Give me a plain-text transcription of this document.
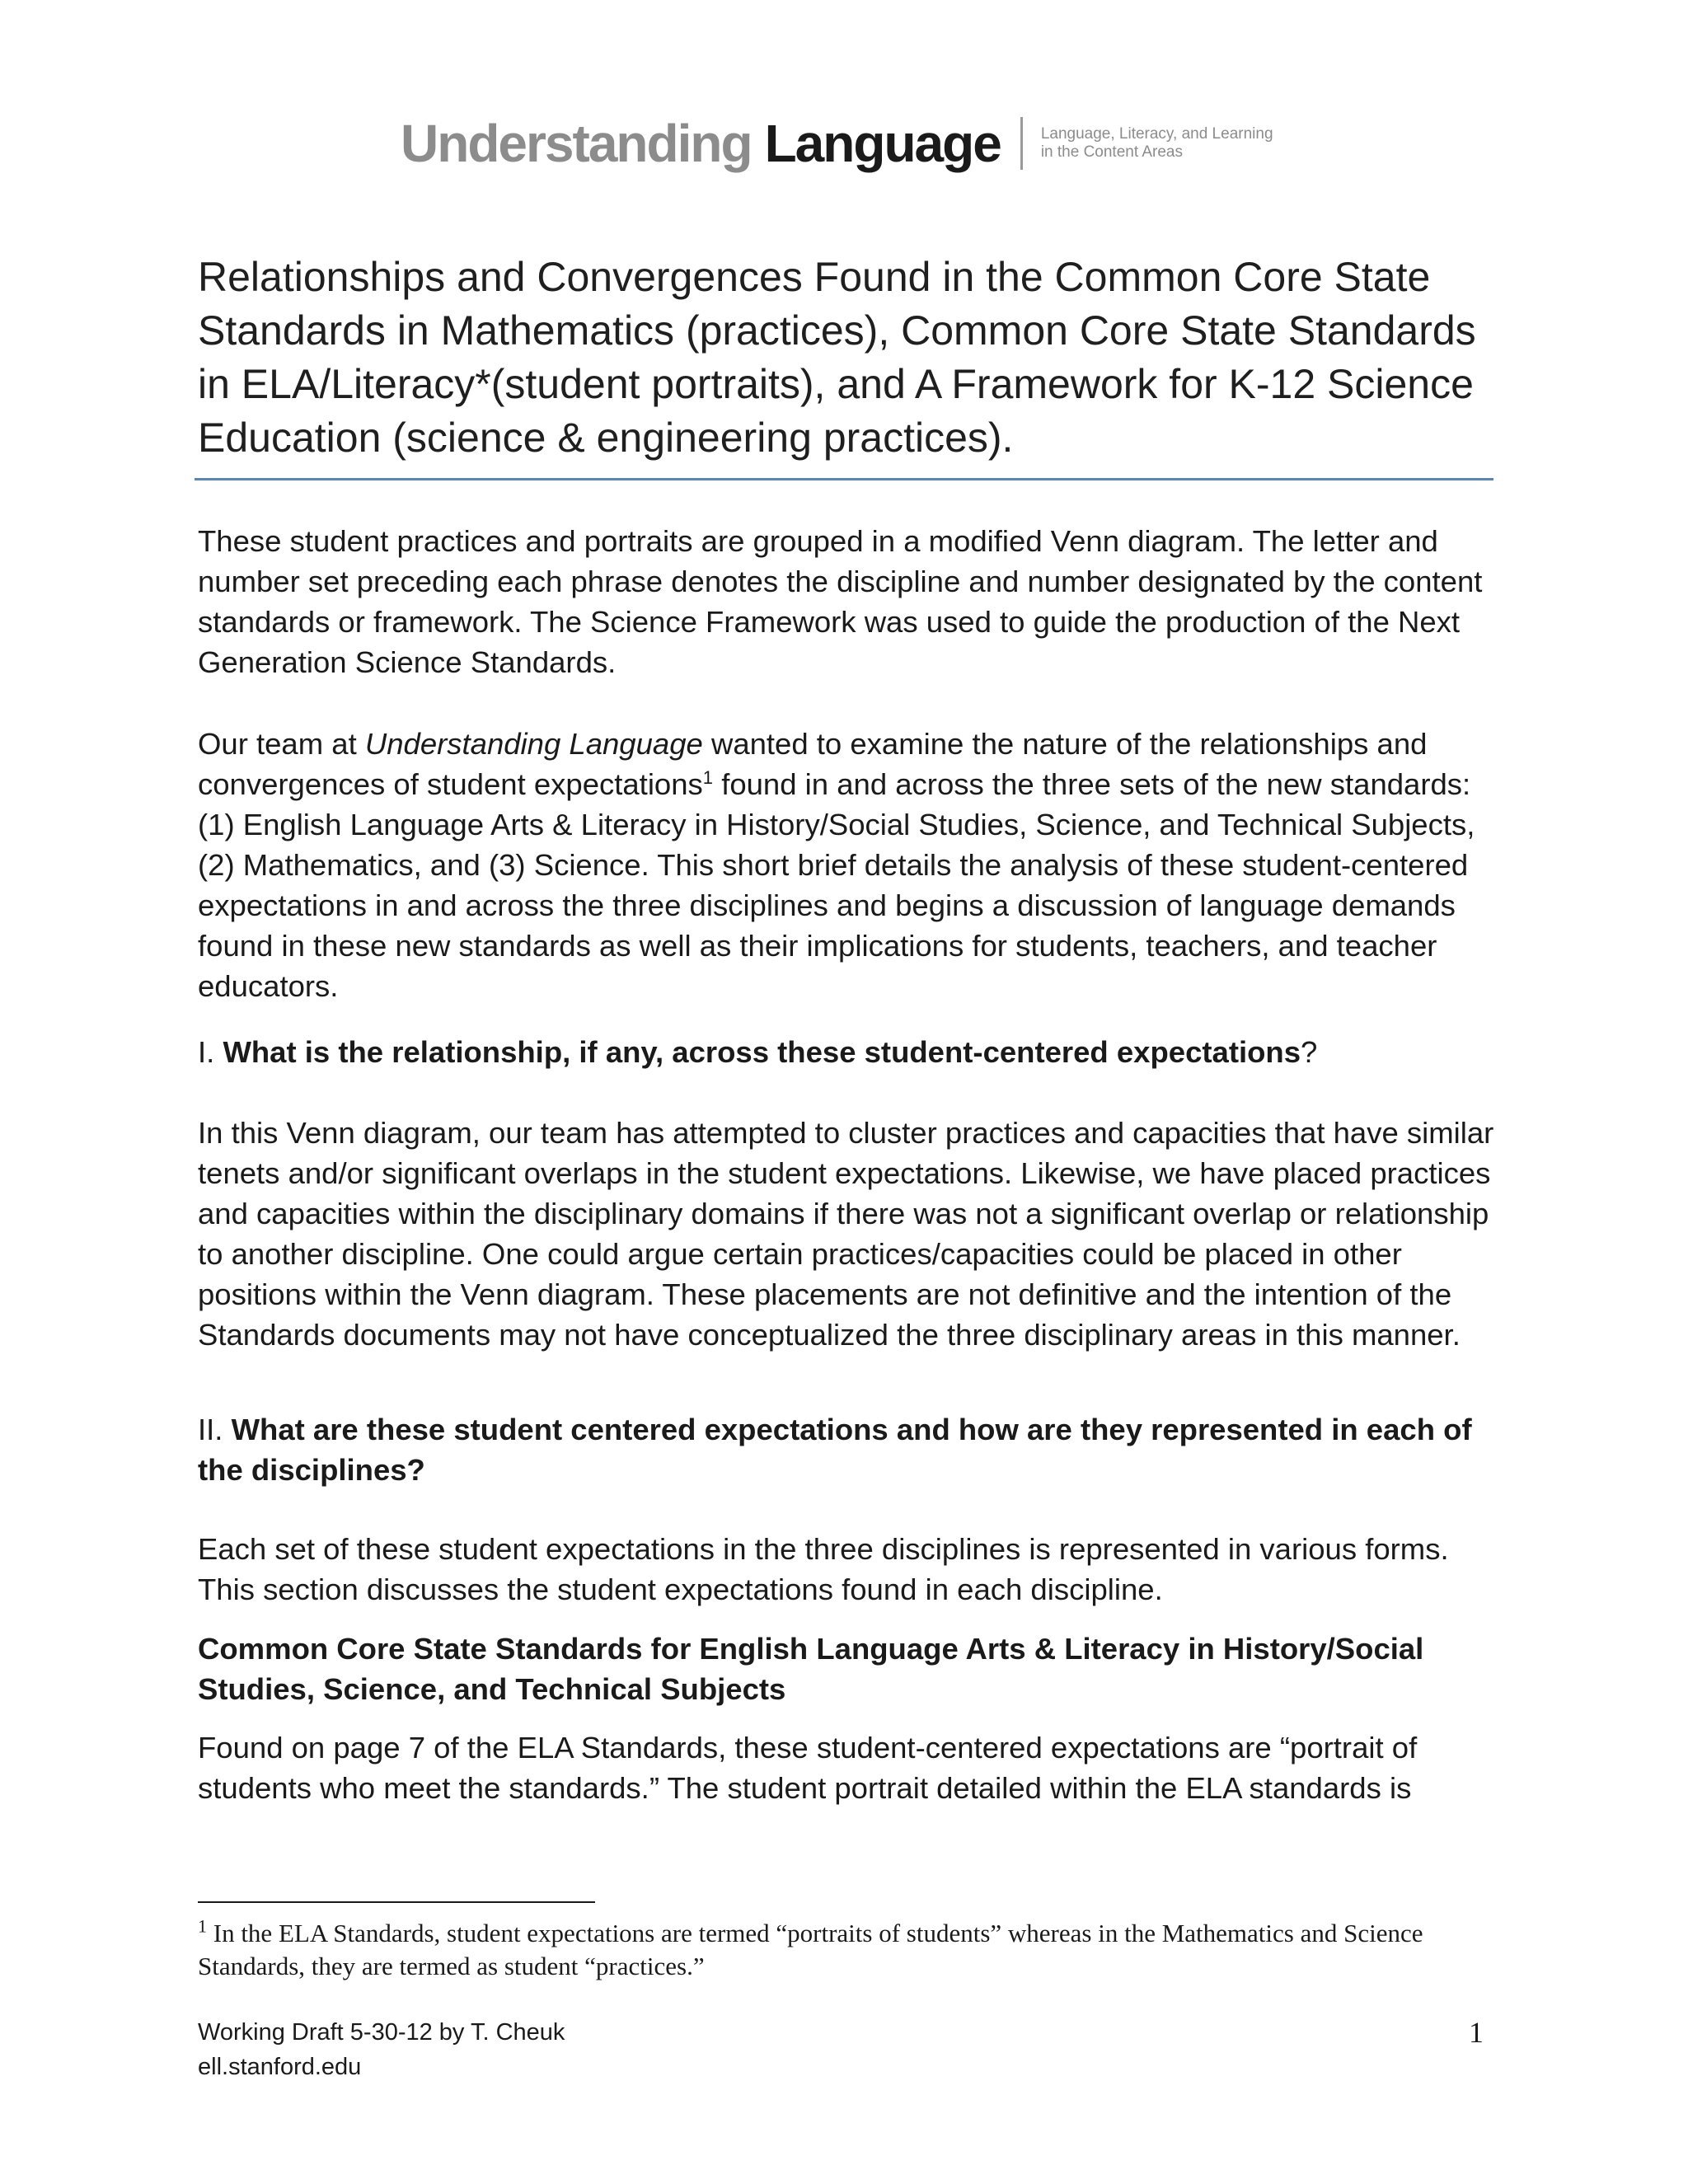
Understanding Language	Language, Literacy, and Learning
in the Content Areas
Relationships and Convergences Found in the Common Core State Standards in Mathematics (practices), Common Core State Standards in ELA/Literacy*(student portraits), and A Framework for K-12 Science Education (science & engineering practices).

These student practices and portraits are grouped in a modified Venn diagram. The letter and number set preceding each phrase denotes the discipline and number designated by the content standards or framework. The Science Framework was used to guide the production of the Next Generation Science Standards.

Our team at Understanding Language wanted to examine the nature of the relationships and convergences of student expectations$^1$ found in and across the three sets of the new standards: (1) English Language Arts & Literacy in History/Social Studies, Science, and Technical Subjects, (2) Mathematics, and (3) Science. This short brief details the analysis of these student-centered expectations in and across the three disciplines and begins a discussion of language demands found in these new standards as well as their implications for students, teachers, and teacher educators.

I. What is the relationship, if any, across these student-centered expectations?

In this Venn diagram, our team has attempted to cluster practices and capacities that have similar tenets and/or significant overlaps in the student expectations. Likewise, we have placed practices and capacities within the disciplinary domains if there was not a significant overlap or relationship to another discipline. One could argue certain practices/capacities could be placed in other positions within the Venn diagram. These placements are not definitive and the intention of the Standards documents may not have conceptualized the three disciplinary areas in this manner.

II. What are these student centered expectations and how are they represented in each of the disciplines?

Each set of these student expectations in the three disciplines is represented in various forms. This section discusses the student expectations found in each discipline.

Common Core State Standards for English Language Arts & Literacy in History/Social Studies, Science, and Technical Subjects

Found on page 7 of the ELA Standards, these student-centered expectations are “portrait of students who meet the standards.” The student portrait detailed within the ELA standards is

$^1$ In the ELA Standards, student expectations are termed “portraits of students” whereas in the Mathematics and Science Standards, they are termed as student “practices.”

Working Draft 5-30-12 by T. Cheuk
ell.stanford.edu
1
